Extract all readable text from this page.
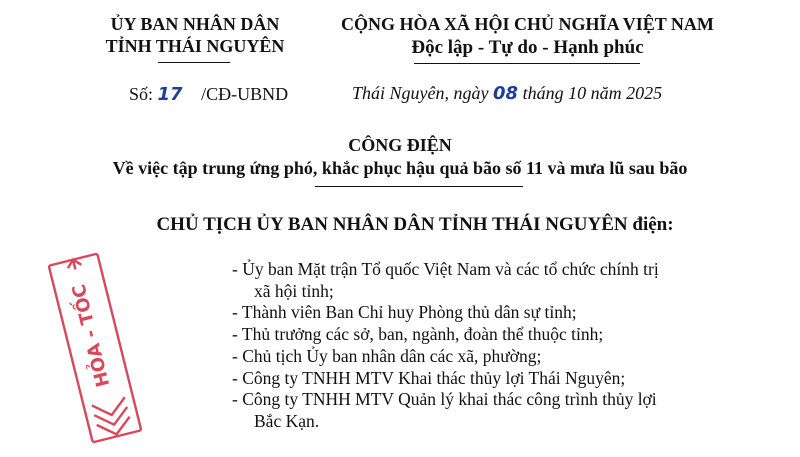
ỦY BAN NHÂN DÂN
TỈNH THÁI NGUYÊN
CỘNG HÒA XÃ HỘI CHỦ NGHĨA VIỆT NAM
Độc lập - Tự do - Hạnh phúc
Số: 17 /CĐ-UBND	Thái Nguyên, ngày 08 tháng 10 năm 2025
CÔNG ĐIỆN
Về việc tập trung ứng phó, khắc phục hậu quả bão số 11 và mưa lũ sau bão
CHỦ TỊCH ỦY BAN NHÂN DÂN TỈNH THÁI NGUYÊN điện:
- Ủy ban Mặt trận Tổ quốc Việt Nam và các tổ chức chính trị
xã hội tỉnh;
- Thành viên Ban Chỉ huy Phòng thủ dân sự tỉnh;
- Thủ trưởng các sở, ban, ngành, đoàn thể thuộc tỉnh;
- Chủ tịch Ủy ban nhân dân các xã, phường;
- Công ty TNHH MTV Khai thác thủy lợi Thái Nguyên;
- Công ty TNHH MTV Quản lý khai thác công trình thủy lợi
Bắc Kạn.
HỎA - TỐC
